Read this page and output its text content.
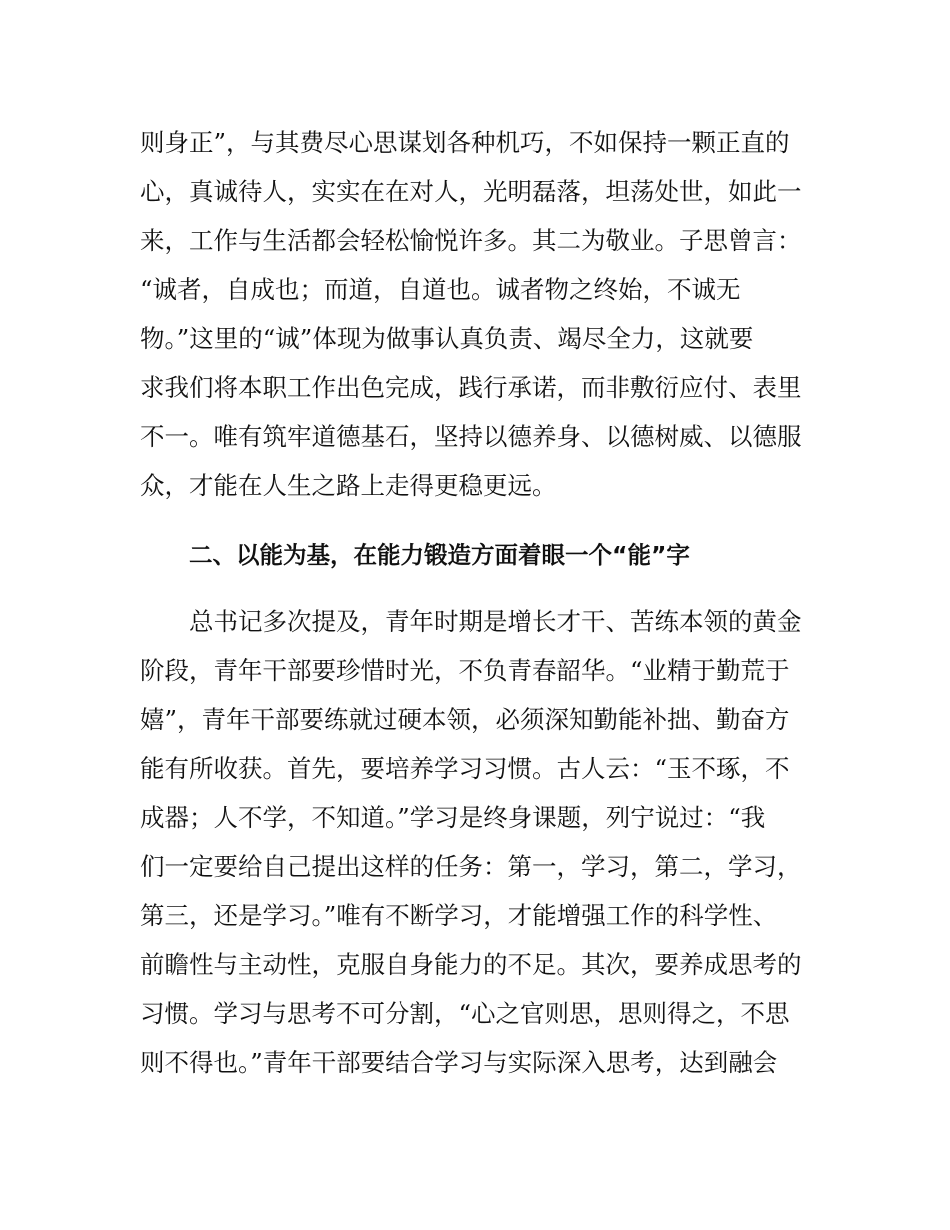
则身正”，与其费尽心思谋划各种机巧，不如保持一颗正直的
心，真诚待人，实实在在对人，光明磊落，坦荡处世，如此一
来，工作与生活都会轻松愉悦许多。其二为敬业。子思曾言：
“诚者，自成也；而道，自道也。诚者物之终始，不诚无
物。”这里的“诚”体现为做事认真负责、竭尽全力，这就要
求我们将本职工作出色完成，践行承诺，而非敷衍应付、表里
不一。唯有筑牢道德基石，坚持以德养身、以德树威、以德服
众，才能在人生之路上走得更稳更远。
二、以能为基，在能力锻造方面着眼一个“能”字
总书记多次提及，青年时期是增长才干、苦练本领的黄金
阶段，青年干部要珍惜时光，不负青春韶华。“业精于勤荒于
嬉”，青年干部要练就过硬本领，必须深知勤能补拙、勤奋方
能有所收获。首先，要培养学习习惯。古人云：“玉不琢，不
成器；人不学，不知道。”学习是终身课题，列宁说过：“我
们一定要给自己提出这样的任务：第一，学习，第二，学习，
第三，还是学习。”唯有不断学习，才能增强工作的科学性、
前瞻性与主动性，克服自身能力的不足。其次，要养成思考的
习惯。学习与思考不可分割，“心之官则思，思则得之，不思
则不得也。”青年干部要结合学习与实际深入思考，达到融会
